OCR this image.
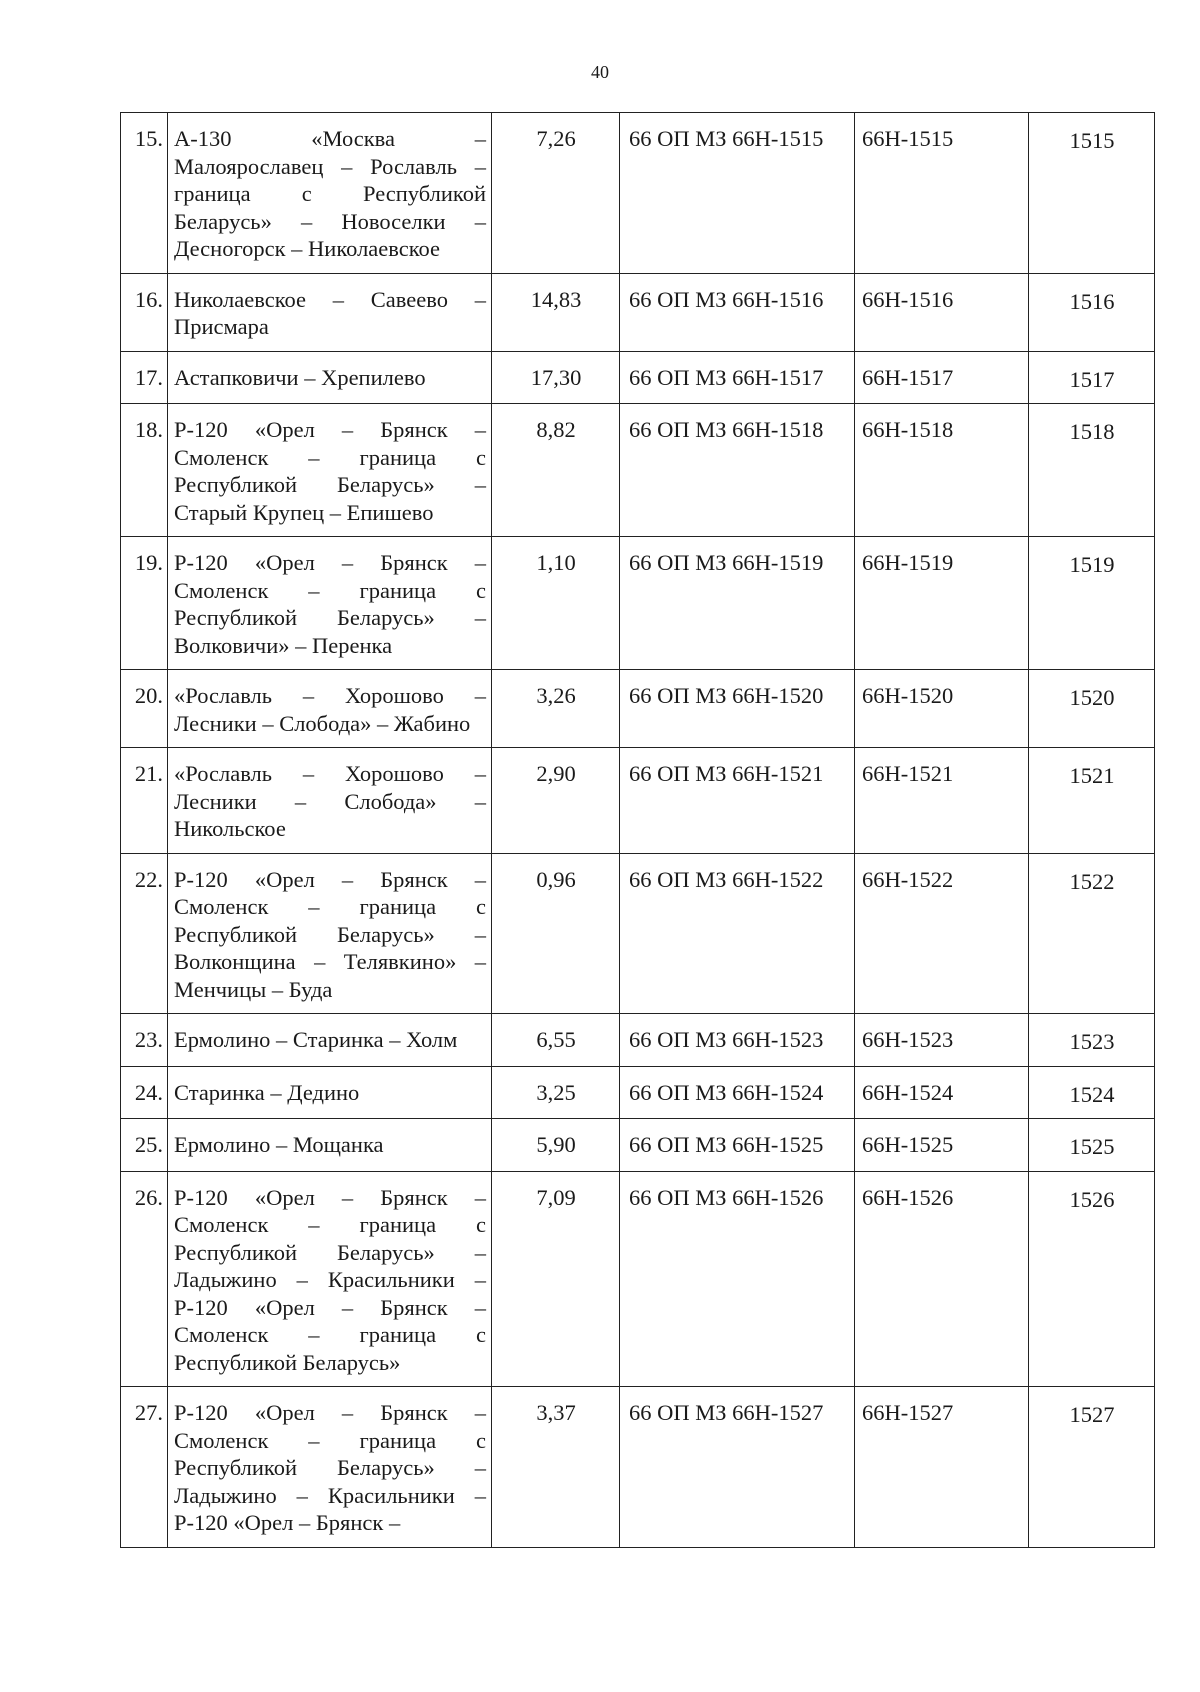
40
15.	А-130 «Москва – Малоярославец – Рославль – граница с Республикой Беларусь» – Новоселки – Десногорск – Николаевское	7,26	66 ОП МЗ 66Н-1515	66Н-1515	1515
16.	Николаевское – Савеево – Присмара	14,83	66 ОП МЗ 66Н-1516	66Н-1516	1516
17.	Астапковичи – Хрепилево	17,30	66 ОП МЗ 66Н-1517	66Н-1517	1517
18.	Р-120 «Орел – Брянск – Смоленск – граница с Республикой Беларусь» – Старый Крупец – Епишево	8,82	66 ОП МЗ 66Н-1518	66Н-1518	1518
19.	Р-120 «Орел – Брянск – Смоленск – граница с Республикой Беларусь» – Волковичи» – Перенка	1,10	66 ОП МЗ 66Н-1519	66Н-1519	1519
20.	«Рославль – Хорошово – Лесники – Слобода» – Жабино	3,26	66 ОП МЗ 66Н-1520	66Н-1520	1520
21.	«Рославль – Хорошово – Лесники – Слобода» – Никольское	2,90	66 ОП МЗ 66Н-1521	66Н-1521	1521
22.	Р-120 «Орел – Брянск – Смоленск – граница с Республикой Беларусь» – Волконщина – Телявкино» – Менчицы – Буда	0,96	66 ОП МЗ 66Н-1522	66Н-1522	1522
23.	Ермолино – Старинка – Холм	6,55	66 ОП МЗ 66Н-1523	66Н-1523	1523
24.	Старинка – Дедино	3,25	66 ОП МЗ 66Н-1524	66Н-1524	1524
25.	Ермолино – Мощанка	5,90	66 ОП МЗ 66Н-1525	66Н-1525	1525
26.	Р-120 «Орел – Брянск – Смоленск – граница с Республикой Беларусь» – Ладыжино – Красильники – Р-120 «Орел – Брянск – Смоленск – граница с Республикой Беларусь»	7,09	66 ОП МЗ 66Н-1526	66Н-1526	1526
27.	Р-120 «Орел – Брянск – Смоленск – граница с Республикой Беларусь» – Ладыжино – Красильники – Р-120 «Орел – Брянск –	3,37	66 ОП МЗ 66Н-1527	66Н-1527	1527
